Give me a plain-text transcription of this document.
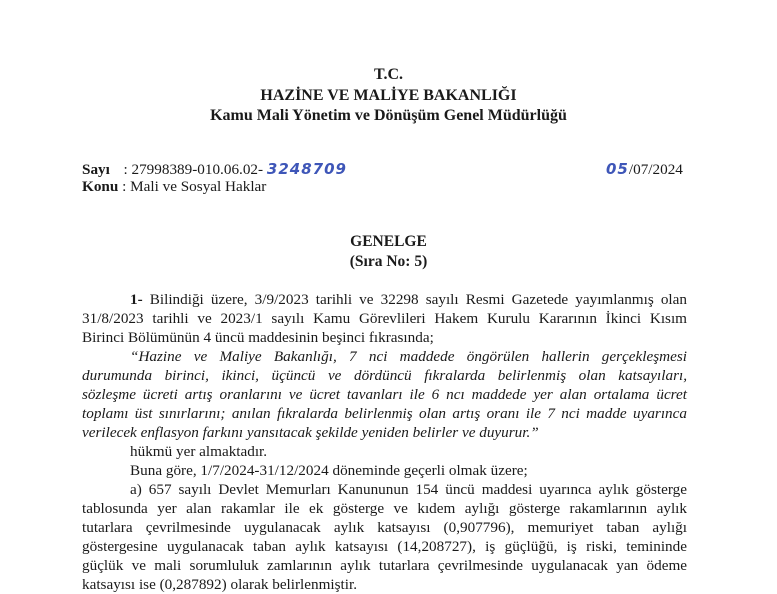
T.C.
HAZİNE VE MALİYE BAKANLIĞI
Kamu Mali Yönetim ve Dönüşüm Genel Müdürlüğü
Sayı : 27998389-010.06.02- 3248709	05/07/2024
Konu : Mali ve Sosyal Haklar
GENELGE
(Sıra No: 5)
1- Bilindiği üzere, 3/9/2023 tarihli ve 32298 sayılı Resmi Gazetede yayımlanmış olan
31/8/2023 tarihli ve 2023/1 sayılı Kamu Görevlileri Hakem Kurulu Kararının İkinci Kısım
Birinci Bölümünün 4 üncü maddesinin beşinci fıkrasında;
“Hazine ve Maliye Bakanlığı, 7 nci maddede öngörülen hallerin gerçekleşmesi
durumunda birinci, ikinci, üçüncü ve dördüncü fıkralarda belirlenmiş olan katsayıları,
sözleşme ücreti artış oranlarını ve ücret tavanları ile 6 ncı maddede yer alan ortalama ücret
toplamı üst sınırlarını; anılan fıkralarda belirlenmiş olan artış oranı ile 7 nci madde uyarınca
verilecek enflasyon farkını yansıtacak şekilde yeniden belirler ve duyurur.”
hükmü yer almaktadır.
Buna göre, 1/7/2024-31/12/2024 döneminde geçerli olmak üzere;
a) 657 sayılı Devlet Memurları Kanununun 154 üncü maddesi uyarınca aylık gösterge
tablosunda yer alan rakamlar ile ek gösterge ve kıdem aylığı gösterge rakamlarının aylık
tutarlara çevrilmesinde uygulanacak aylık katsayısı (0,907796), memuriyet taban aylığı
göstergesine uygulanacak taban aylık katsayısı (14,208727), iş güçlüğü, iş riski, temininde
güçlük ve mali sorumluluk zamlarının aylık tutarlara çevrilmesinde uygulanacak yan ödeme
katsayısı ise (0,287892) olarak belirlenmiştir.
